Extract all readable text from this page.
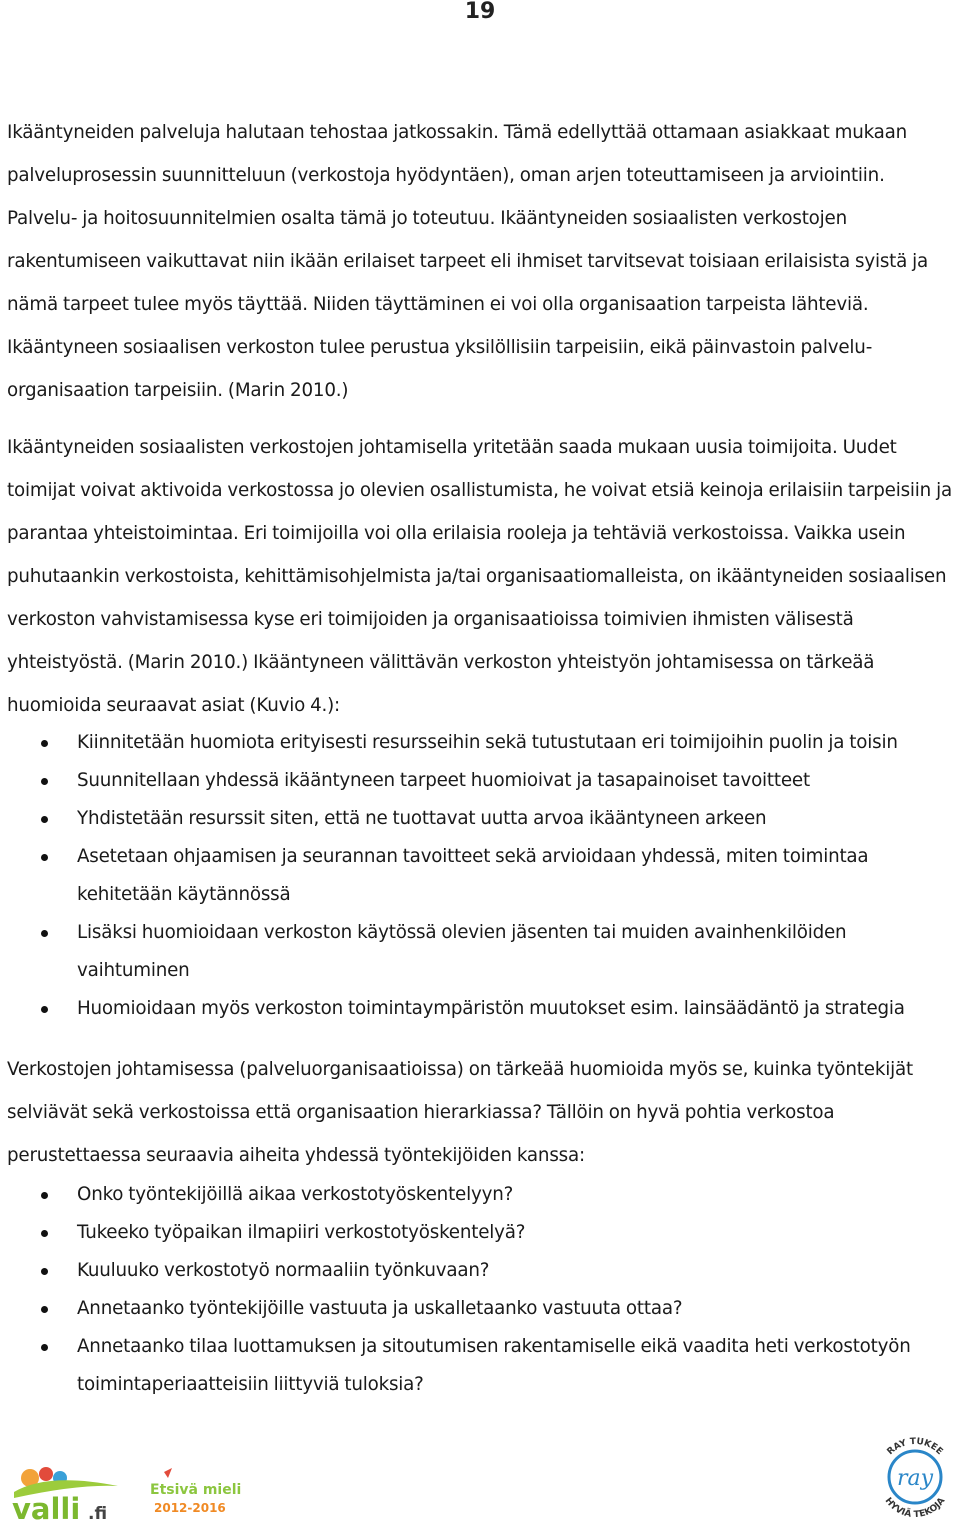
19

Ikääntyneiden palveluja halutaan tehostaa jatkossakin. Tämä edellyttää ottamaan asiakkaat mukaan palveluprosessin suunnitteluun (verkostoja hyödyntäen), oman arjen toteuttamiseen ja arviointiin. Palvelu- ja hoitosuunnitelmien osalta tämä jo toteutuu. Ikääntyneiden sosiaalisten verkostojen rakentumiseen vaikuttavat niin ikään erilaiset tarpeet eli ihmiset tarvitsevat toisiaan erilaisista syistä ja nämä tarpeet tulee myös täyttää. Niiden täyttäminen ei voi olla organisaation tarpeista lähteviä. Ikääntyneen sosiaalisen verkoston tulee perustua yksilöllisiin tarpeisiin, eikä päinvastoin palvelu-organisaation tarpeisiin. (Marin 2010.)

Ikääntyneiden sosiaalisten verkostojen johtamisella yritetään saada mukaan uusia toimijoita. Uudet toimijat voivat aktivoida verkostossa jo olevien osallistumista, he voivat etsiä keinoja erilaisiin tarpeisiin ja parantaa yhteistoimintaa. Eri toimijoilla voi olla erilaisia rooleja ja tehtäviä verkostoissa. Vaikka usein puhutaankin verkostoista, kehittämisohjelmista ja/tai organisaatiomalleista, on ikääntyneiden sosiaalisen verkoston vahvistamisessa kyse eri toimijoiden ja organisaatioissa toimivien ihmisten välisestä yhteistyöstä. (Marin 2010.) Ikääntyneen välittävän verkoston yhteistyön johtamisessa on tärkeää huomioida seuraavat asiat (Kuvio 4.):

Kiinnitetään huomiota erityisesti resursseihin sekä tutustutaan eri toimijoihin puolin ja toisin
Suunnitellaan yhdessä ikääntyneen tarpeet huomioivat ja tasapainoiset tavoitteet
Yhdistetään resurssit siten, että ne tuottavat uutta arvoa ikääntyneen arkeen
Asetetaan ohjaamisen ja seurannan tavoitteet sekä arvioidaan yhdessä, miten toimintaa kehitetään käytännössä
Lisäksi huomioidaan verkoston käytössä olevien jäsenten tai muiden avainhenkilöiden vaihtuminen
Huomioidaan myös verkoston toimintaympäristön muutokset esim. lainsäädäntö ja strategia

Verkostojen johtamisessa (palveluorganisaatioissa) on tärkeää huomioida myös se, kuinka työntekijät selviävät sekä verkostoissa että organisaation hierarkiassa? Tällöin on hyvä pohtia verkostoa perustettaessa seuraavia aiheita yhdessä työntekijöiden kanssa:

Onko työntekijöillä aikaa verkostotyöskentelyyn?
Tukeeko työpaikan ilmapiiri verkostotyöskentelyä?
Kuuluuko verkostotyö normaaliin työnkuvaan?
Annetaanko työntekijöille vastuuta ja uskalletaanko vastuuta ottaa?
Annetaanko tilaa luottamuksen ja sitoutumisen rakentamiselle eikä vaadita heti verkostotyön toimintaperiaatteisiin liittyviä tuloksia?
valli .fi
Etsivä mieli
2012-2016
ray
RAY TUKEE
HYVIÄ TEKOJA
